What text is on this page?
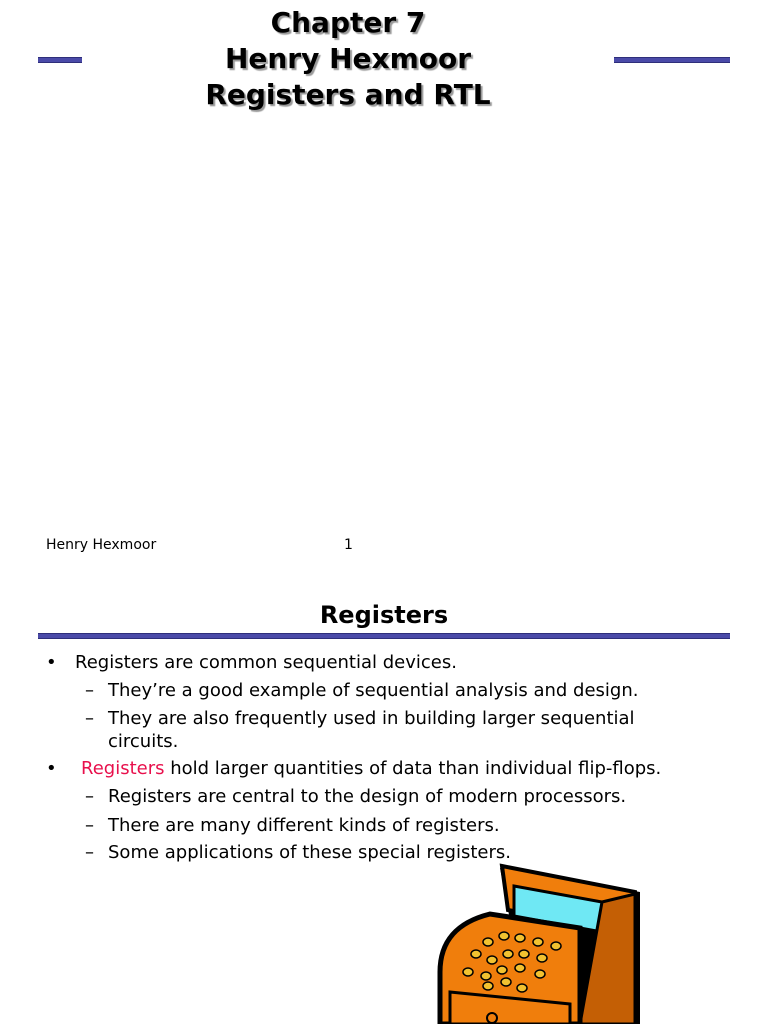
Chapter 7
Henry Hexmoor
Registers and RTL
Henry Hexmoor	1
Registers
• Registers are common sequential devices.
– They’re a good example of sequential analysis and design.
– They are also frequently used in building larger sequential
circuits.
• Registers hold larger quantities of data than individual flip-flops.
– Registers are central to the design of modern processors.
– There are many different kinds of registers.
– Some applications of these special registers.
